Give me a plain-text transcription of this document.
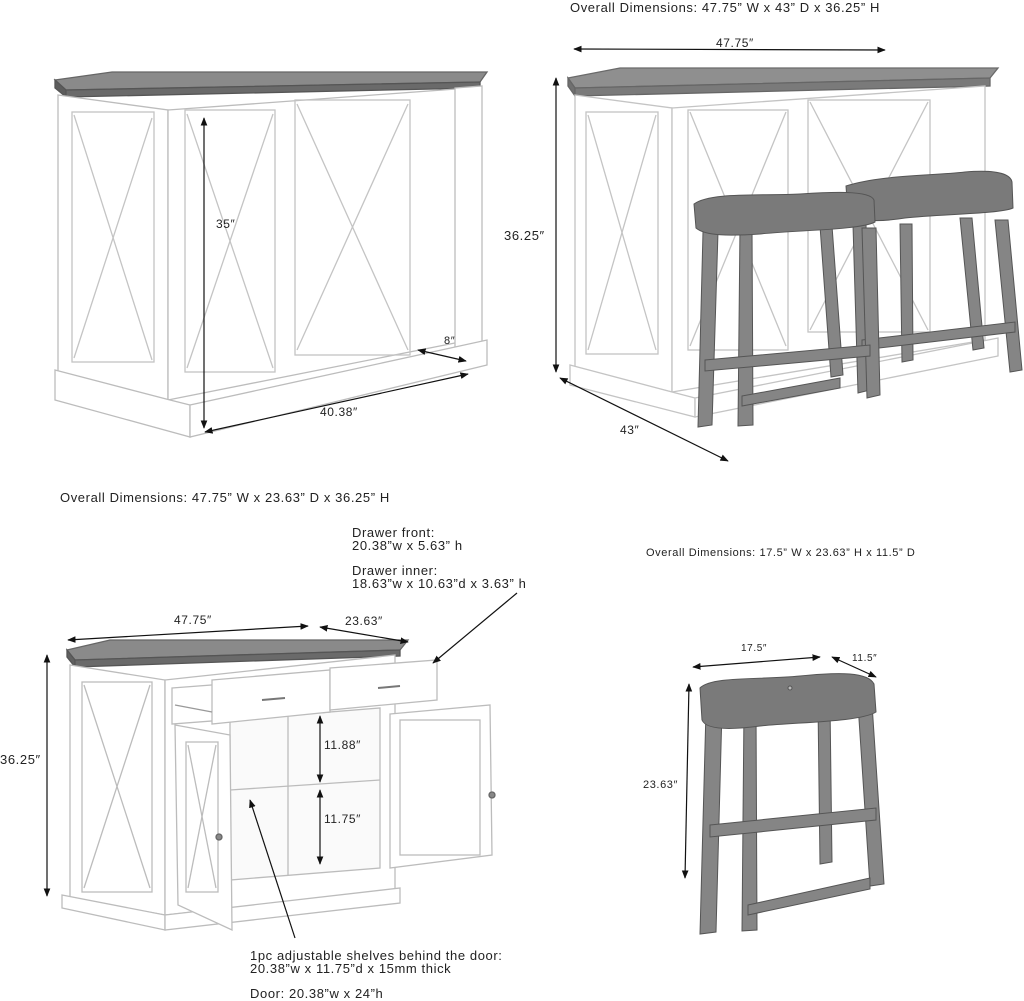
Overall Dimensions: 47.75” W x 43” D x 36.25” H
47.75″
36.25″
43″
35″
8″
40.38″
Overall Dimensions: 47.75” W x 23.63” D x 36.25” H
Drawer front:
20.38”w x 5.63” h
Drawer inner:
18.63”w x 10.63”d x 3.63” h
47.75″	23.63″
36.25″
11.88″
11.75″
1pc adjustable shelves behind the door:
20.38”w x 11.75”d x 15mm thick
Door: 20.38”w x 24”h
Overall Dimensions: 17.5” W x 23.63” H x 11.5” D
17.5″
11.5″
23.63″
